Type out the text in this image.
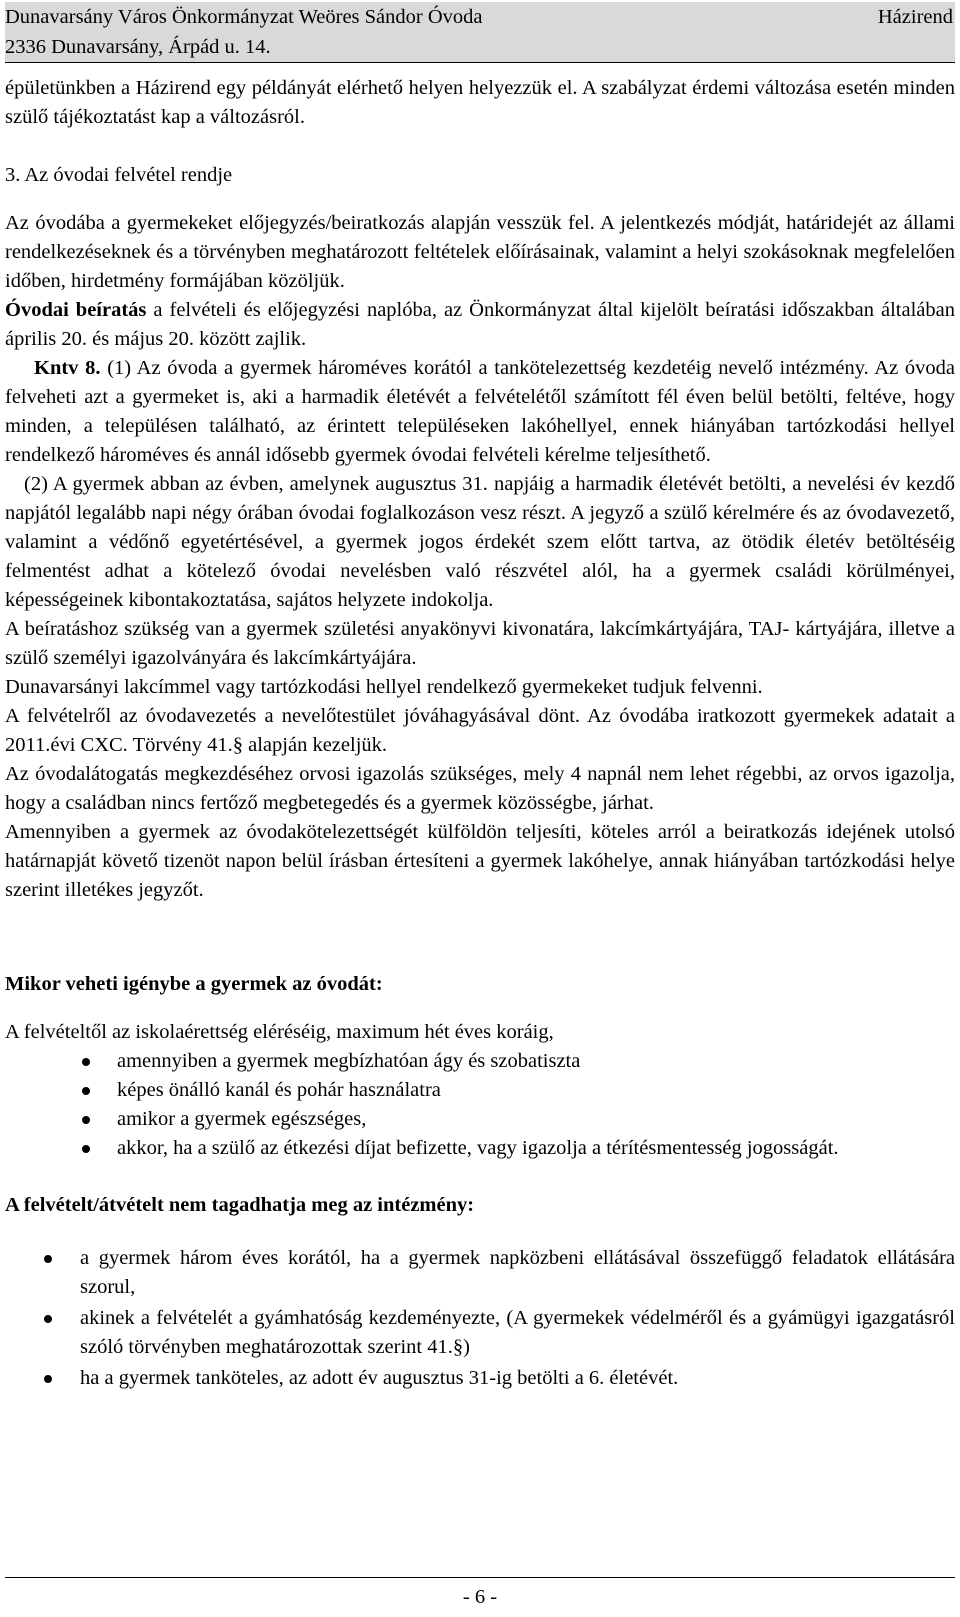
Dunavarsány Város Önkormányzat Weöres Sándor Óvoda	Házirend
2336 Dunavarsány, Árpád u. 14.

épületünkben a Házirend egy példányát elérhető helyen helyezzük el. A szabályzat érdemi változása esetén minden szülő tájékoztatást kap a változásról.

3. Az óvodai felvétel rendje

Az óvodába a gyermekeket előjegyzés/beiratkozás alapján vesszük fel. A jelentkezés módját, határidejét az állami rendelkezéseknek és a törvényben meghatározott feltételek előírásainak, valamint a helyi szokásoknak megfelelően időben, hirdetmény formájában közöljük.

Óvodai beíratás a felvételi és előjegyzési naplóba, az Önkormányzat által kijelölt beíratási időszakban általában április 20. és május 20. között zajlik.

Kntv 8. (1) Az óvoda a gyermek hároméves korától a tankötelezettség kezdetéig nevelő intézmény. Az óvoda felveheti azt a gyermeket is, aki a harmadik életévét a felvételétől számított fél éven belül betölti, feltéve, hogy minden, a településen található, az érintett településeken lakóhellyel, ennek hiányában tartózkodási hellyel rendelkező hároméves és annál idősebb gyermek óvodai felvételi kérelme teljesíthető.

(2) A gyermek abban az évben, amelynek augusztus 31. napjáig a harmadik életévét betölti, a nevelési év kezdő napjától legalább napi négy órában óvodai foglalkozáson vesz részt. A jegyző a szülő kérelmére és az óvodavezető, valamint a védőnő egyetértésével, a gyermek jogos érdekét szem előtt tartva, az ötödik életév betöltéséig felmentést adhat a kötelező óvodai nevelésben való részvétel alól, ha a gyermek családi körülményei, képességeinek kibontakoztatása, sajátos helyzete indokolja.

A beíratáshoz szükség van a gyermek születési anyakönyvi kivonatára, lakcímkártyájára, TAJ- kártyájára, illetve a szülő személyi igazolványára és lakcímkártyájára.

Dunavarsányi lakcímmel vagy tartózkodási hellyel rendelkező gyermekeket tudjuk felvenni.

A felvételről az óvodavezetés a nevelőtestület jóváhagyásával dönt. Az óvodába iratkozott gyermekek adatait a 2011.évi CXC. Törvény 41.§ alapján kezeljük.

Az óvodalátogatás megkezdéséhez orvosi igazolás szükséges, mely 4 napnál nem lehet régebbi, az orvos igazolja, hogy a családban nincs fertőző megbetegedés és a gyermek közösségbe, járhat.

Amennyiben a gyermek az óvodakötelezettségét külföldön teljesíti, köteles arról a beiratkozás idejének utolsó határnapját követő tizenöt napon belül írásban értesíteni a gyermek lakóhelye, annak hiányában tartózkodási helye szerint illetékes jegyzőt.

Mikor veheti igénybe a gyermek az óvodát:

A felvételtől az iskolaérettség eléréséig, maximum hét éves koráig,

amennyiben a gyermek megbízhatóan ágy és szobatiszta
képes önálló kanál és pohár használatra
amikor a gyermek egészséges,
akkor, ha a szülő az étkezési díjat befizette, vagy igazolja a térítésmentesség jogosságát.

A felvételt/átvételt nem tagadhatja meg az intézmény:

a gyermek három éves korától, ha a gyermek napközbeni ellátásával összefüggő feladatok ellátására szorul,
akinek a felvételét a gyámhatóság kezdeményezte, (A gyermekek védelméről és a gyámügyi igazgatásról szóló törvényben meghatározottak szerint 41.§)
ha a gyermek tanköteles, az adott év augusztus 31-ig betölti a 6. életévét.
- 6 -
